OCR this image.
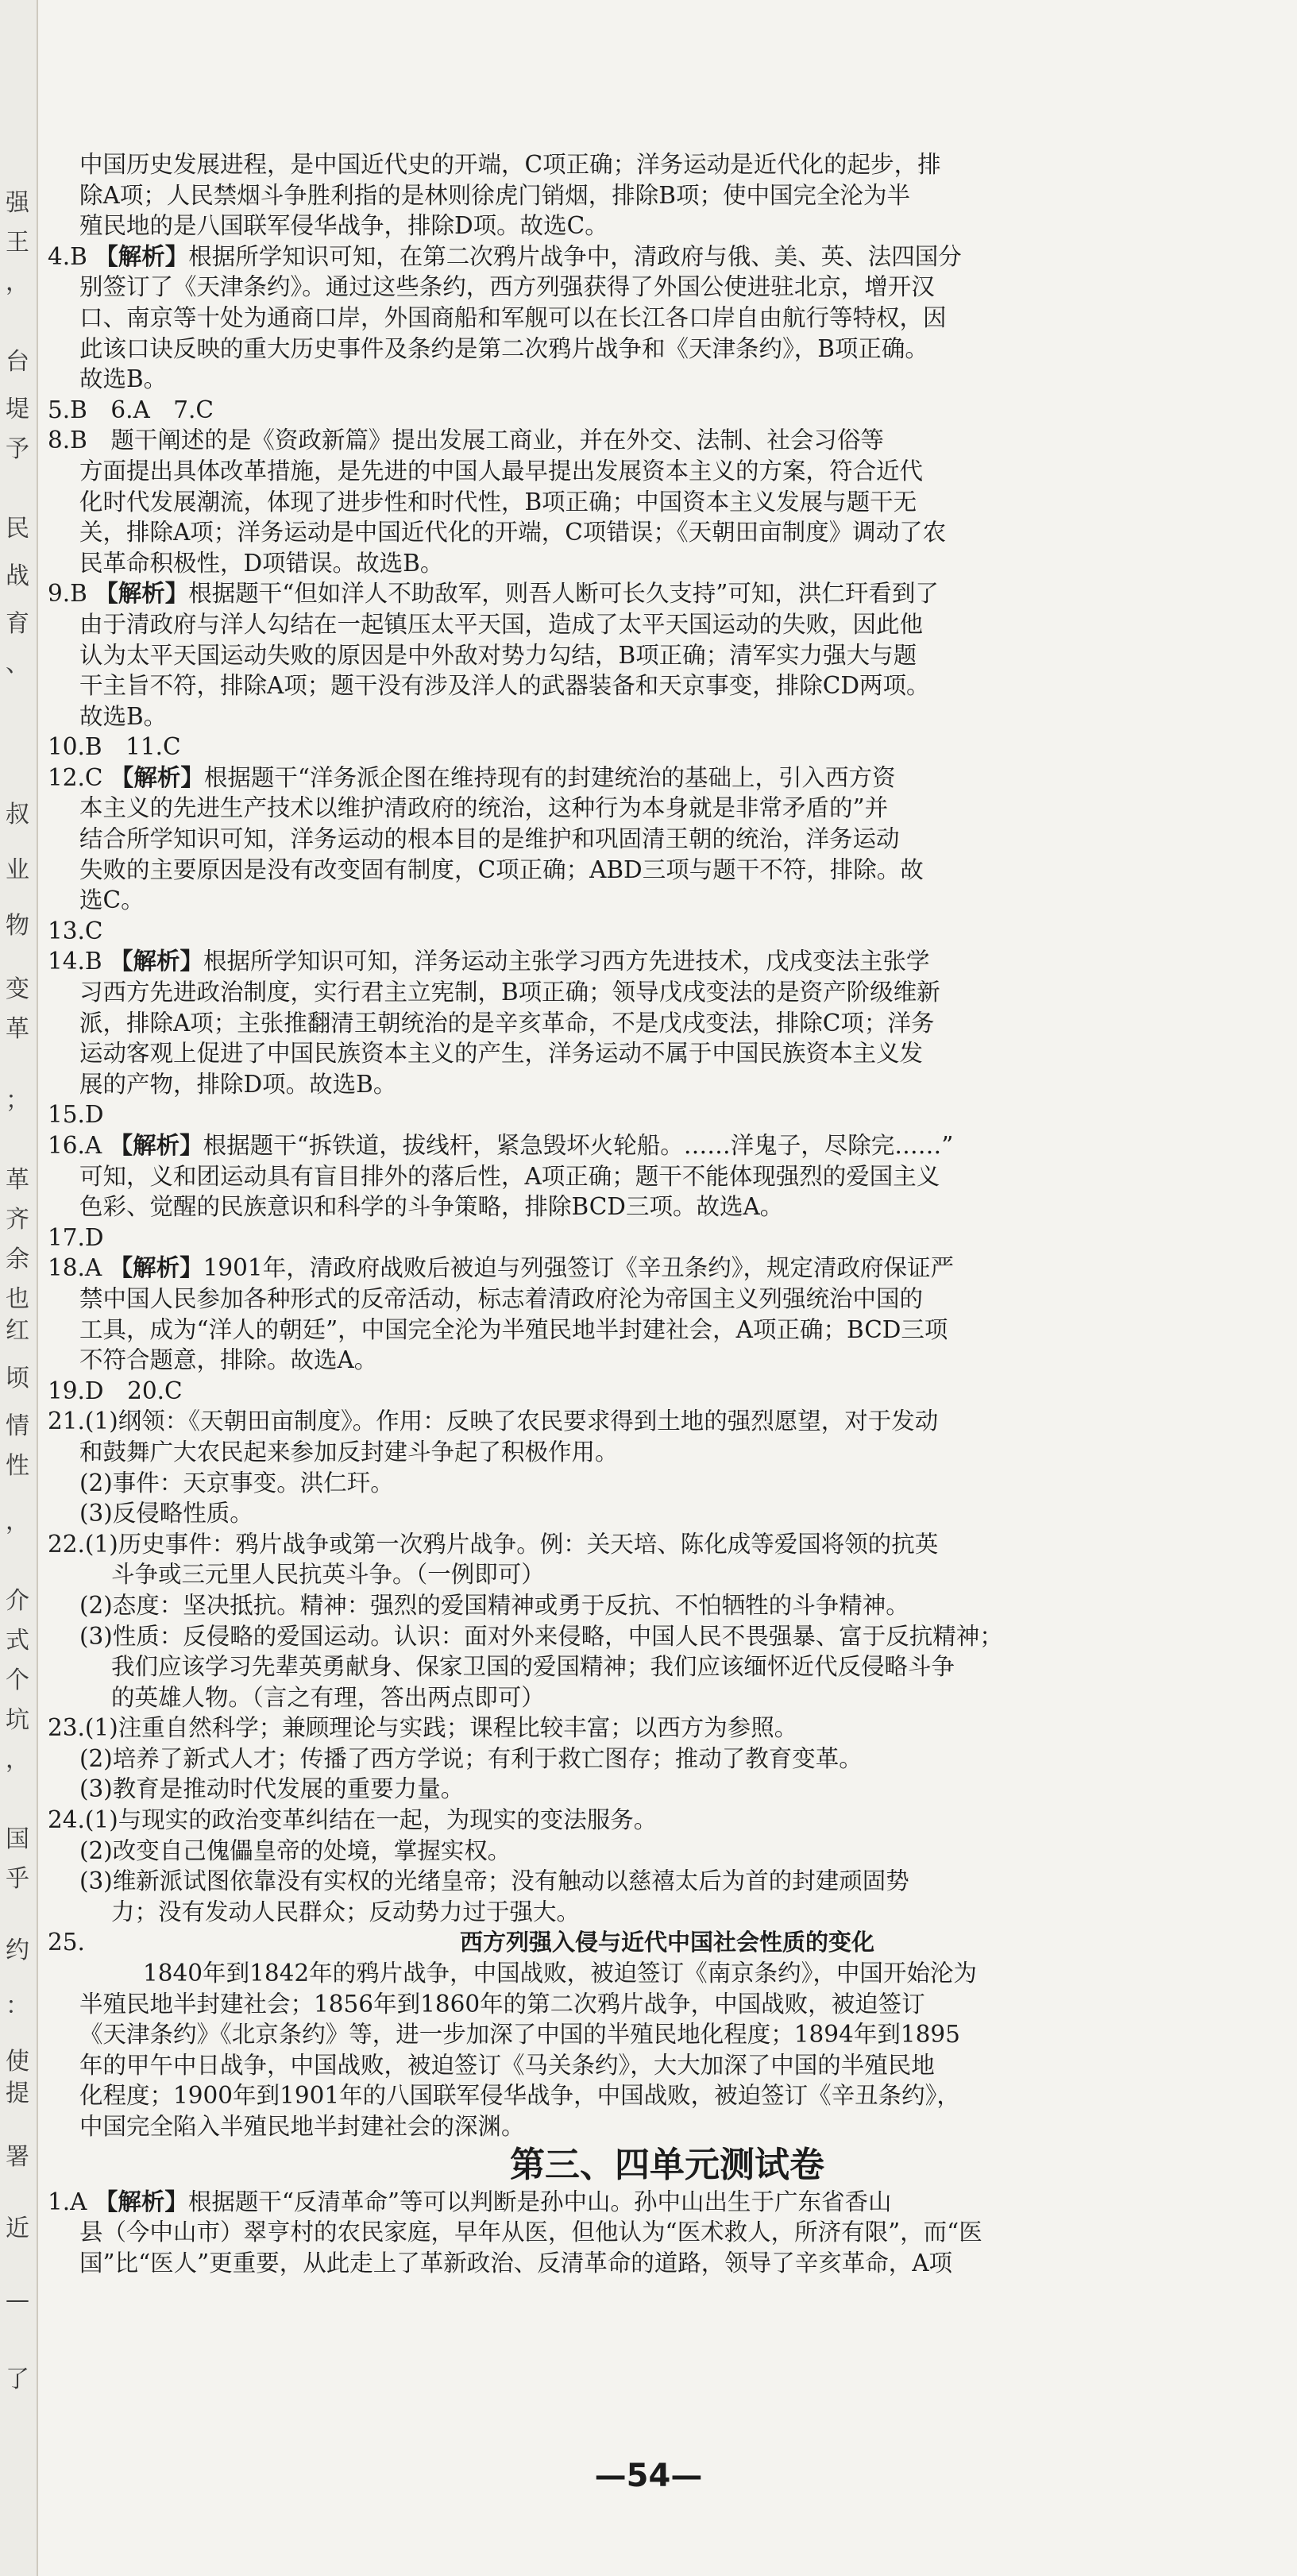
强
王
，
台
堤
予
民
战
育
、
叔
业
物
变
革
；
革
齐
余
也
红
顷
情
性
，
介
式
个
坑
，
国
乎
约
：
使
提
署
近
—
了
中国历史发展进程，是中国近代史的开端，C项正确；洋务运动是近代化的起步，排
除A项；人民禁烟斗争胜利指的是林则徐虎门销烟，排除B项；使中国完全沦为半
殖民地的是八国联军侵华战争，排除D项。故选C。
4.B 【解析】根据所学知识可知，在第二次鸦片战争中，清政府与俄、美、英、法四国分
别签订了《天津条约》。通过这些条约，西方列强获得了外国公使进驻北京，增开汉
口、南京等十处为通商口岸，外国商船和军舰可以在长江各口岸自由航行等特权，因
此该口诀反映的重大历史事件及条约是第二次鸦片战争和《天津条约》，B项正确。
故选B。
5.B　6.A　7.C
8.B　题干阐述的是《资政新篇》提出发展工商业，并在外交、法制、社会习俗等
方面提出具体改革措施，是先进的中国人最早提出发展资本主义的方案，符合近代
化时代发展潮流，体现了进步性和时代性，B项正确；中国资本主义发展与题干无
关，排除A项；洋务运动是中国近代化的开端，C项错误；《天朝田亩制度》调动了农
民革命积极性，D项错误。故选B。
9.B 【解析】根据题干“但如洋人不助敌军，则吾人断可长久支持”可知，洪仁玕看到了
由于清政府与洋人勾结在一起镇压太平天国，造成了太平天国运动的失败，因此他
认为太平天国运动失败的原因是中外敌对势力勾结，B项正确；清军实力强大与题
干主旨不符，排除A项；题干没有涉及洋人的武器装备和天京事变，排除CD两项。
故选B。
10.B　11.C
12.C 【解析】根据题干“洋务派企图在维持现有的封建统治的基础上，引入西方资
本主义的先进生产技术以维护清政府的统治，这种行为本身就是非常矛盾的”并
结合所学知识可知，洋务运动的根本目的是维护和巩固清王朝的统治，洋务运动
失败的主要原因是没有改变固有制度，C项正确；ABD三项与题干不符，排除。故
选C。
13.C
14.B 【解析】根据所学知识可知，洋务运动主张学习西方先进技术，戊戌变法主张学
习西方先进政治制度，实行君主立宪制，B项正确；领导戊戌变法的是资产阶级维新
派，排除A项；主张推翻清王朝统治的是辛亥革命，不是戊戌变法，排除C项；洋务
运动客观上促进了中国民族资本主义的产生，洋务运动不属于中国民族资本主义发
展的产物，排除D项。故选B。
15.D
16.A 【解析】根据题干“拆铁道，拔线杆，紧急毁坏火轮船。……洋鬼子，尽除完……”
可知，义和团运动具有盲目排外的落后性，A项正确；题干不能体现强烈的爱国主义
色彩、觉醒的民族意识和科学的斗争策略，排除BCD三项。故选A。
17.D
18.A 【解析】1901年，清政府战败后被迫与列强签订《辛丑条约》，规定清政府保证严
禁中国人民参加各种形式的反帝活动，标志着清政府沦为帝国主义列强统治中国的
工具，成为“洋人的朝廷”，中国完全沦为半殖民地半封建社会，A项正确；BCD三项
不符合题意，排除。故选A。
19.D　20.C
21.(1)纲领：《天朝田亩制度》。作用：反映了农民要求得到土地的强烈愿望，对于发动
和鼓舞广大农民起来参加反封建斗争起了积极作用。
(2)事件：天京事变。洪仁玕。
(3)反侵略性质。
22.(1)历史事件：鸦片战争或第一次鸦片战争。例：关天培、陈化成等爱国将领的抗英
斗争或三元里人民抗英斗争。（一例即可）
(2)态度：坚决抵抗。精神：强烈的爱国精神或勇于反抗、不怕牺牲的斗争精神。
(3)性质：反侵略的爱国运动。认识：面对外来侵略，中国人民不畏强暴、富于反抗精神；
我们应该学习先辈英勇献身、保家卫国的爱国精神；我们应该缅怀近代反侵略斗争
的英雄人物。（言之有理，答出两点即可）
23.(1)注重自然科学；兼顾理论与实践；课程比较丰富；以西方为参照。
(2)培养了新式人才；传播了西方学说；有利于救亡图存；推动了教育变革。
(3)教育是推动时代发展的重要力量。
24.(1)与现实的政治变革纠结在一起，为现实的变法服务。
(2)改变自己傀儡皇帝的处境，掌握实权。
(3)维新派试图依靠没有实权的光绪皇帝；没有触动以慈禧太后为首的封建顽固势
力；没有发动人民群众；反动势力过于强大。
25.	西方列强入侵与近代中国社会性质的变化
1840年到1842年的鸦片战争，中国战败，被迫签订《南京条约》，中国开始沦为
半殖民地半封建社会；1856年到1860年的第二次鸦片战争，中国战败，被迫签订
《天津条约》《北京条约》等，进一步加深了中国的半殖民地化程度；1894年到1895
年的甲午中日战争，中国战败，被迫签订《马关条约》，大大加深了中国的半殖民地
化程度；1900年到1901年的八国联军侵华战争，中国战败，被迫签订《辛丑条约》，
中国完全陷入半殖民地半封建社会的深渊。
第三、四单元测试卷
1.A 【解析】根据题干“反清革命”等可以判断是孙中山。孙中山出生于广东省香山
县（今中山市）翠亨村的农民家庭，早年从医，但他认为“医术救人，所济有限”，而“医
国”比“医人”更重要，从此走上了革新政治、反清革命的道路，领导了辛亥革命，A项
—54—
